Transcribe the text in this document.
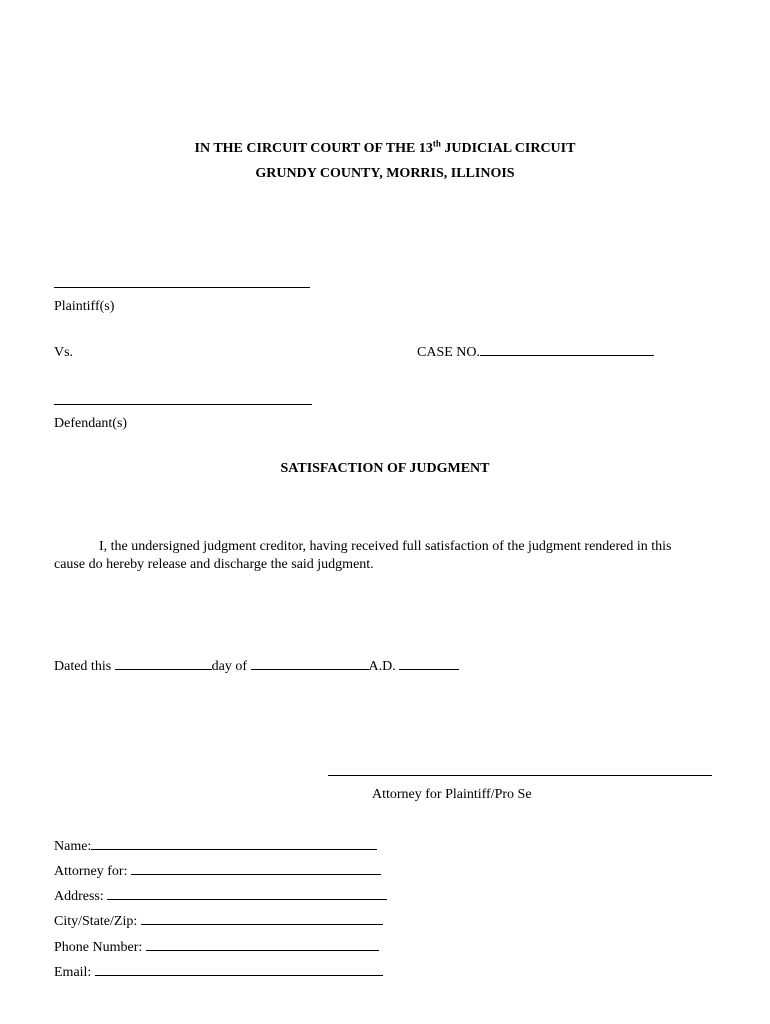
IN THE CIRCUIT COURT OF THE 13th JUDICIAL CIRCUIT
GRUNDY COUNTY, MORRIS, ILLINOIS
Plaintiff(s)
Vs.	CASE NO.
Defendant(s)
SATISFACTION OF JUDGMENT
I, the undersigned judgment creditor, having received full satisfaction of the judgment rendered in this cause do hereby release and discharge the said judgment.
Dated this	day of	A.D.
Attorney for Plaintiff/Pro Se
Name:
Attorney for:
Address:
City/State/Zip:
Phone Number:
Email:
